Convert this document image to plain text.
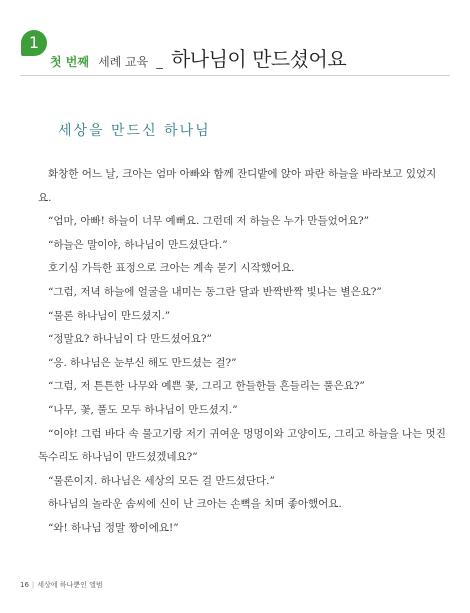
1
첫 번째 세례 교육 _ 하나님이 만드셨어요
세상을 만드신 하나님

화창한 어느 날, 크아는 엄마 아빠와 함께 잔디밭에 앉아 파란 하늘을 바라보고 있었지요.

“엄마, 아빠! 하늘이 너무 예뻐요. 그런데 저 하늘은 누가 만들었어요?”

“하늘은 말이야, 하나님이 만드셨단다.”

호기심 가득한 표정으로 크아는 계속 묻기 시작했어요.

“그럼, 저녁 하늘에 얼굴을 내미는 동그란 달과 반짝반짝 빛나는 별은요?”

“물론 하나님이 만드셨지.”

“정말요? 하나님이 다 만드셨어요?”

“응. 하나님은 눈부신 해도 만드셨는 걸?”

“그럼, 저 튼튼한 나무와 예쁜 꽃, 그리고 한들한들 흔들리는 풀은요?”

“나무, 꽃, 풀도 모두 하나님이 만드셨지.”

“이야! 그럼 바다 속 물고기랑 저기 귀여운 멍멍이와 고양이도, 그리고 하늘을 나는 멋진 독수리도 하나님이 만드셨겠네요?”

“물론이지. 하나님은 세상의 모든 걸 만드셨단다.”

하나님의 놀라운 솜씨에 신이 난 크아는 손뼉을 치며 좋아했어요.

“와! 하나님 정말 짱이에요!”

16 | 세상에 하나뿐인 앨범
